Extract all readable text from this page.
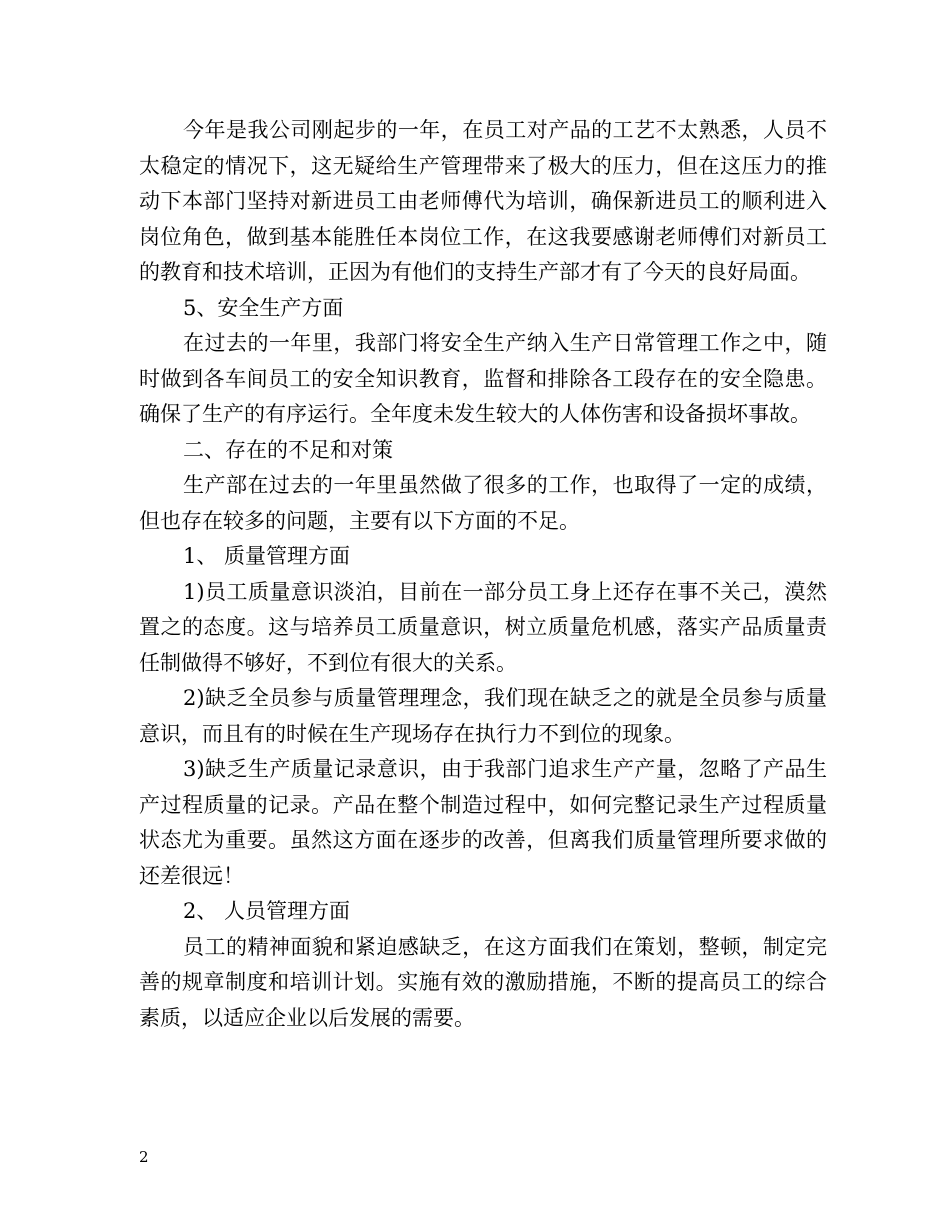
今年是我公司刚起步的一年，在员工对产品的工艺不太熟悉，人员不太稳定的情况下，这无疑给生产管理带来了极大的压力，但在这压力的推动下本部门坚持对新进员工由老师傅代为培训，确保新进员工的顺利进入岗位角色，做到基本能胜任本岗位工作，在这我要感谢老师傅们对新员工的教育和技术培训，正因为有他们的支持生产部才有了今天的良好局面。

5、安全生产方面

在过去的一年里，我部门将安全生产纳入生产日常管理工作之中，随时做到各车间员工的安全知识教育，监督和排除各工段存在的安全隐患。确保了生产的有序运行。全年度未发生较大的人体伤害和设备损坏事故。

二、存在的不足和对策

生产部在过去的一年里虽然做了很多的工作，也取得了一定的成绩，但也存在较多的问题，主要有以下方面的不足。

1、 质量管理方面

1)员工质量意识淡泊，目前在一部分员工身上还存在事不关己，漠然置之的态度。这与培养员工质量意识，树立质量危机感，落实产品质量责任制做得不够好，不到位有很大的关系。

2)缺乏全员参与质量管理理念，我们现在缺乏之的就是全员参与质量意识，而且有的时候在生产现场存在执行力不到位的现象。

3)缺乏生产质量记录意识，由于我部门追求生产产量，忽略了产品生产过程质量的记录。产品在整个制造过程中，如何完整记录生产过程质量状态尤为重要。虽然这方面在逐步的改善，但离我们质量管理所要求做的还差很远！

2、 人员管理方面

员工的精神面貌和紧迫感缺乏，在这方面我们在策划，整顿，制定完善的规章制度和培训计划。实施有效的激励措施，不断的提高员工的综合素质，以适应企业以后发展的需要。

2
